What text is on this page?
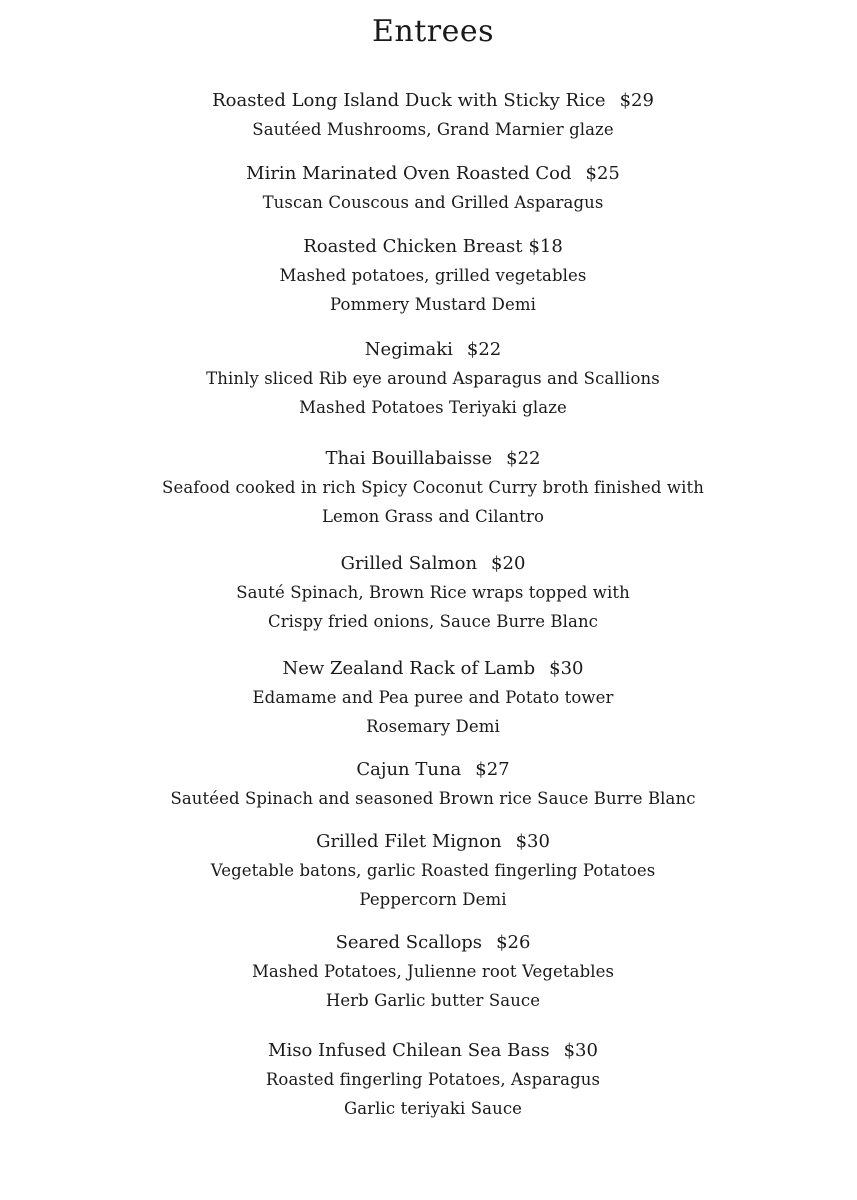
Entrees
Roasted Long Island Duck with Sticky Rice $29
Sautéed Mushrooms, Grand Marnier glaze
Mirin Marinated Oven Roasted Cod $25
Tuscan Couscous and Grilled Asparagus
Roasted Chicken Breast $18
Mashed potatoes, grilled vegetables
Pommery Mustard Demi
Negimaki $22
Thinly sliced Rib eye around Asparagus and Scallions
Mashed Potatoes Teriyaki glaze
Thai Bouillabaisse $22
Seafood cooked in rich Spicy Coconut Curry broth finished with
Lemon Grass and Cilantro
Grilled Salmon $20
Sauté Spinach, Brown Rice wraps topped with
Crispy fried onions, Sauce Burre Blanc
New Zealand Rack of Lamb $30
Edamame and Pea puree and Potato tower
Rosemary Demi
Cajun Tuna $27
Sautéed Spinach and seasoned Brown rice Sauce Burre Blanc
Grilled Filet Mignon $30
Vegetable batons, garlic Roasted fingerling Potatoes
Peppercorn Demi
Seared Scallops $26
Mashed Potatoes, Julienne root Vegetables
Herb Garlic butter Sauce
Miso Infused Chilean Sea Bass $30
Roasted fingerling Potatoes, Asparagus
Garlic teriyaki Sauce
